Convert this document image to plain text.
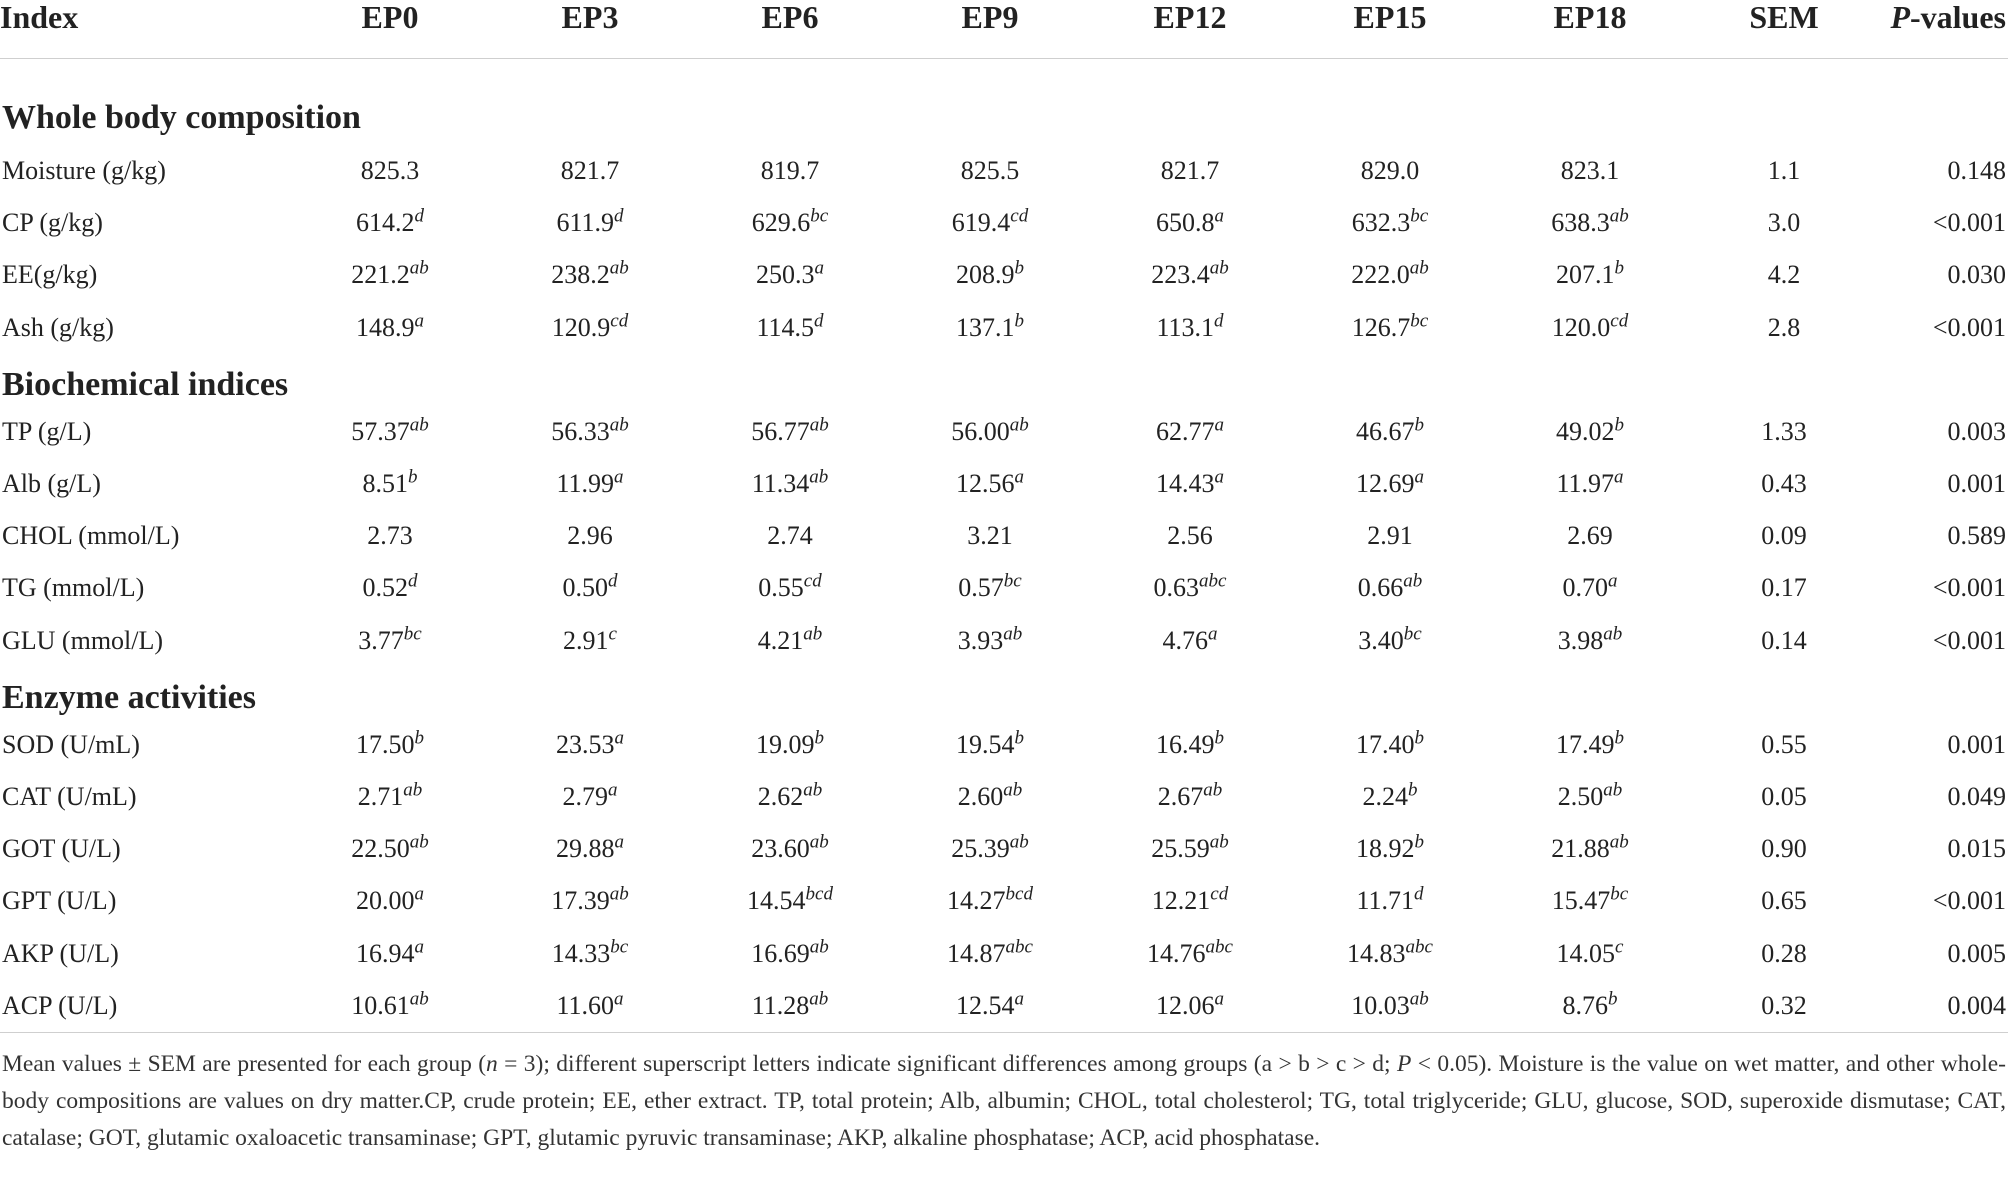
Index	EP0	EP3	EP6	EP9	EP12	EP15	EP18	SEM	P-values
Whole body composition									
Moisture (g/kg)	825.3	821.7	819.7	825.5	821.7	829.0	823.1	1.1	0.148
CP (g/kg)	614.2$^d$	611.9$^d$	629.6$^{bc}$	619.4$^{cd}$	650.8$^a$	632.3$^{bc}$	638.3$^{ab}$	3.0	<0.001
EE(g/kg)	221.2$^{ab}$	238.2$^{ab}$	250.3$^a$	208.9$^b$	223.4$^{ab}$	222.0$^{ab}$	207.1$^b$	4.2	0.030
Ash (g/kg)	148.9$^a$	120.9$^{cd}$	114.5$^d$	137.1$^b$	113.1$^d$	126.7$^{bc}$	120.0$^{cd}$	2.8	<0.001
Biochemical indices									
TP (g/L)	57.37$^{ab}$	56.33$^{ab}$	56.77$^{ab}$	56.00$^{ab}$	62.77$^a$	46.67$^b$	49.02$^b$	1.33	0.003
Alb (g/L)	8.51$^b$	11.99$^a$	11.34$^{ab}$	12.56$^a$	14.43$^a$	12.69$^a$	11.97$^a$	0.43	0.001
CHOL (mmol/L)	2.73	2.96	2.74	3.21	2.56	2.91	2.69	0.09	0.589
TG (mmol/L)	0.52$^d$	0.50$^d$	0.55$^{cd}$	0.57$^{bc}$	0.63$^{abc}$	0.66$^{ab}$	0.70$^a$	0.17	<0.001
GLU (mmol/L)	3.77$^{bc}$	2.91$^c$	4.21$^{ab}$	3.93$^{ab}$	4.76$^a$	3.40$^{bc}$	3.98$^{ab}$	0.14	<0.001
Enzyme activities									
SOD (U/mL)	17.50$^b$	23.53$^a$	19.09$^b$	19.54$^b$	16.49$^b$	17.40$^b$	17.49$^b$	0.55	0.001
CAT (U/mL)	2.71$^{ab}$	2.79$^a$	2.62$^{ab}$	2.60$^{ab}$	2.67$^{ab}$	2.24$^b$	2.50$^{ab}$	0.05	0.049
GOT (U/L)	22.50$^{ab}$	29.88$^a$	23.60$^{ab}$	25.39$^{ab}$	25.59$^{ab}$	18.92$^b$	21.88$^{ab}$	0.90	0.015
GPT (U/L)	20.00$^a$	17.39$^{ab}$	14.54$^{bcd}$	14.27$^{bcd}$	12.21$^{cd}$	11.71$^d$	15.47$^{bc}$	0.65	<0.001
AKP (U/L)	16.94$^a$	14.33$^{bc}$	16.69$^{ab}$	14.87$^{abc}$	14.76$^{abc}$	14.83$^{abc}$	14.05$^c$	0.28	0.005
ACP (U/L)	10.61$^{ab}$	11.60$^a$	11.28$^{ab}$	12.54$^a$	12.06$^a$	10.03$^{ab}$	8.76$^b$	0.32	0.004
Mean values ± SEM are presented for each group (n = 3); different superscript letters indicate significant differences among groups (a > b > c > d; P < 0.05). Moisture is the value on wet matter, and other whole-body compositions are values on dry matter.CP, crude protein; EE, ether extract. TP, total protein; Alb, albumin; CHOL, total cholesterol; TG, total triglyceride; GLU, glucose, SOD, superoxide dismutase; CAT, catalase; GOT, glutamic oxaloacetic transaminase; GPT, glutamic pyruvic transaminase; AKP, alkaline phosphatase; ACP, acid phosphatase.
